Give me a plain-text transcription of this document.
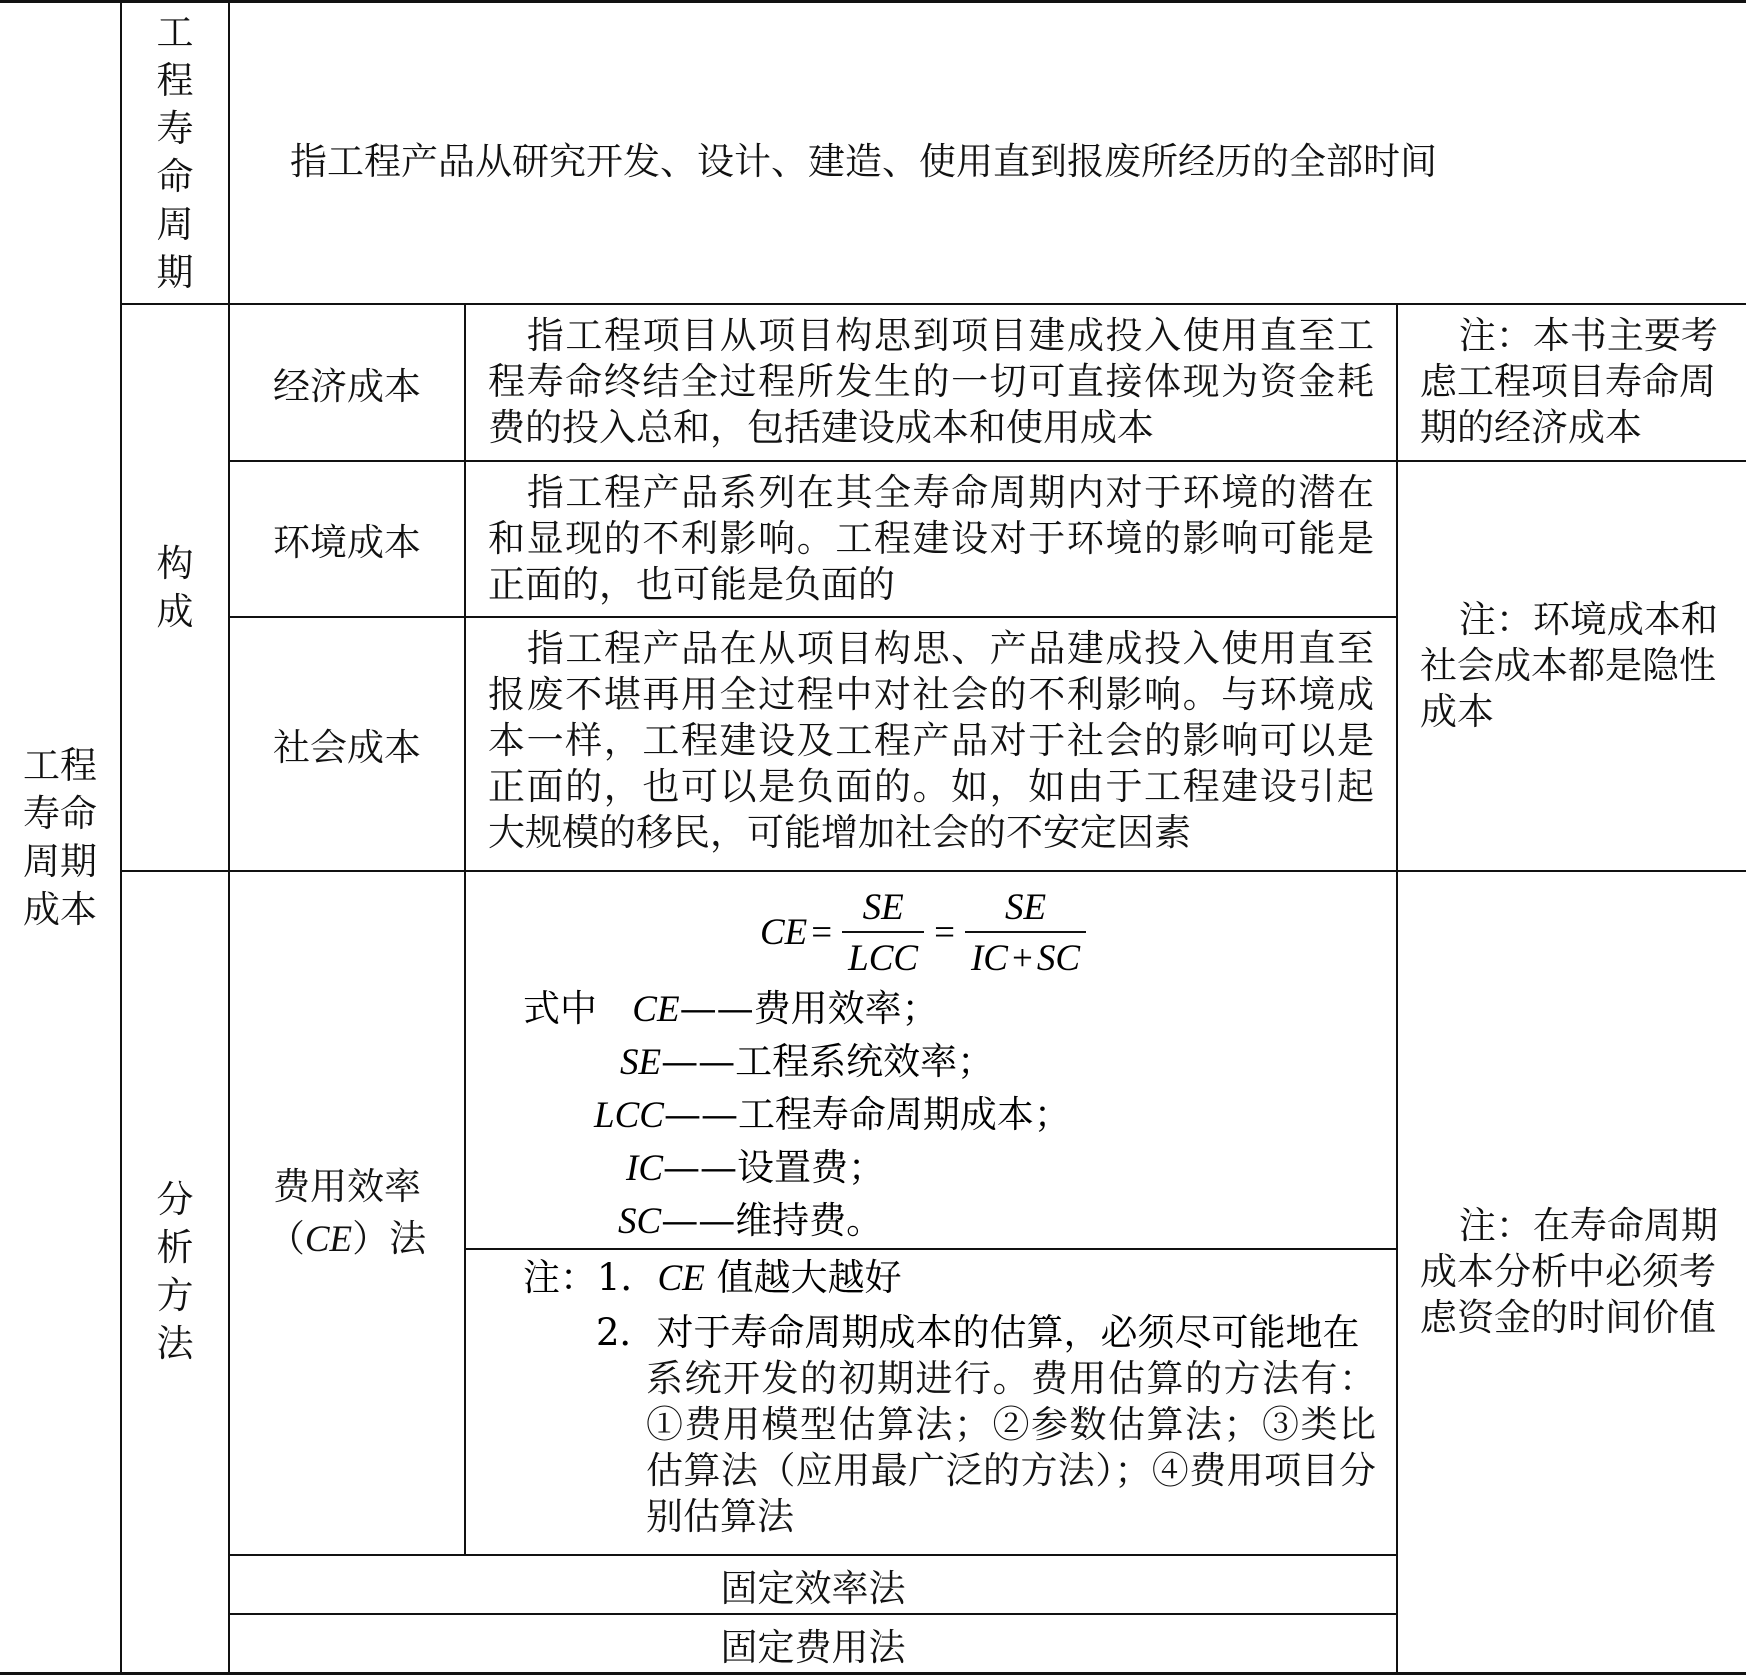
工程寿命周期成本
工程寿命周期
指工程产品从研究开发、设计、建造、使用直到报废所经历的全部时间
构成
经济成本
指工程项目从项目构思到项目建成投入使用直至工程寿命终结全过程所发生的一切可直接体现为资金耗费的投入总和，包括建设成本和使用成本
环境成本
指工程产品系列在其全寿命周期内对于环境的潜在和显现的不利影响。工程建设对于环境的影响可能是正面的，也可能是负面的
社会成本
指工程产品在从项目构思、产品建成投入使用直至报废不堪再用全过程中对社会的不利影响。与环境成本一样，工程建设及工程产品对于社会的影响可以是正面的，也可以是负面的。如，如由于工程建设引起大规模的移民，可能增加社会的不安定因素
注：本书主要考虑工程项目寿命周期的经济成本
注：环境成本和社会成本都是隐性成本
分析方法
费用效率
（CE）法
CE = $\frac{SE}{\text{LCC}} = \frac{SE}{IC + SC}$
式中 CE——费用效率；
SE——工程系统效率；
LCC——工程寿命周期成本；
IC——设置费；
SC——维持费。
注：1．CE 值越大越好
2．对于寿命周期成本的估算，必须尽可能地在
系统开发的初期进行。费用估算的方法有：①费用模型估算法；②参数估算法；③类比估算法（应用最广泛的方法）；④费用项目分别估算法
固定效率法
固定费用法
注：在寿命周期成本分析中必须考虑资金的时间价值
